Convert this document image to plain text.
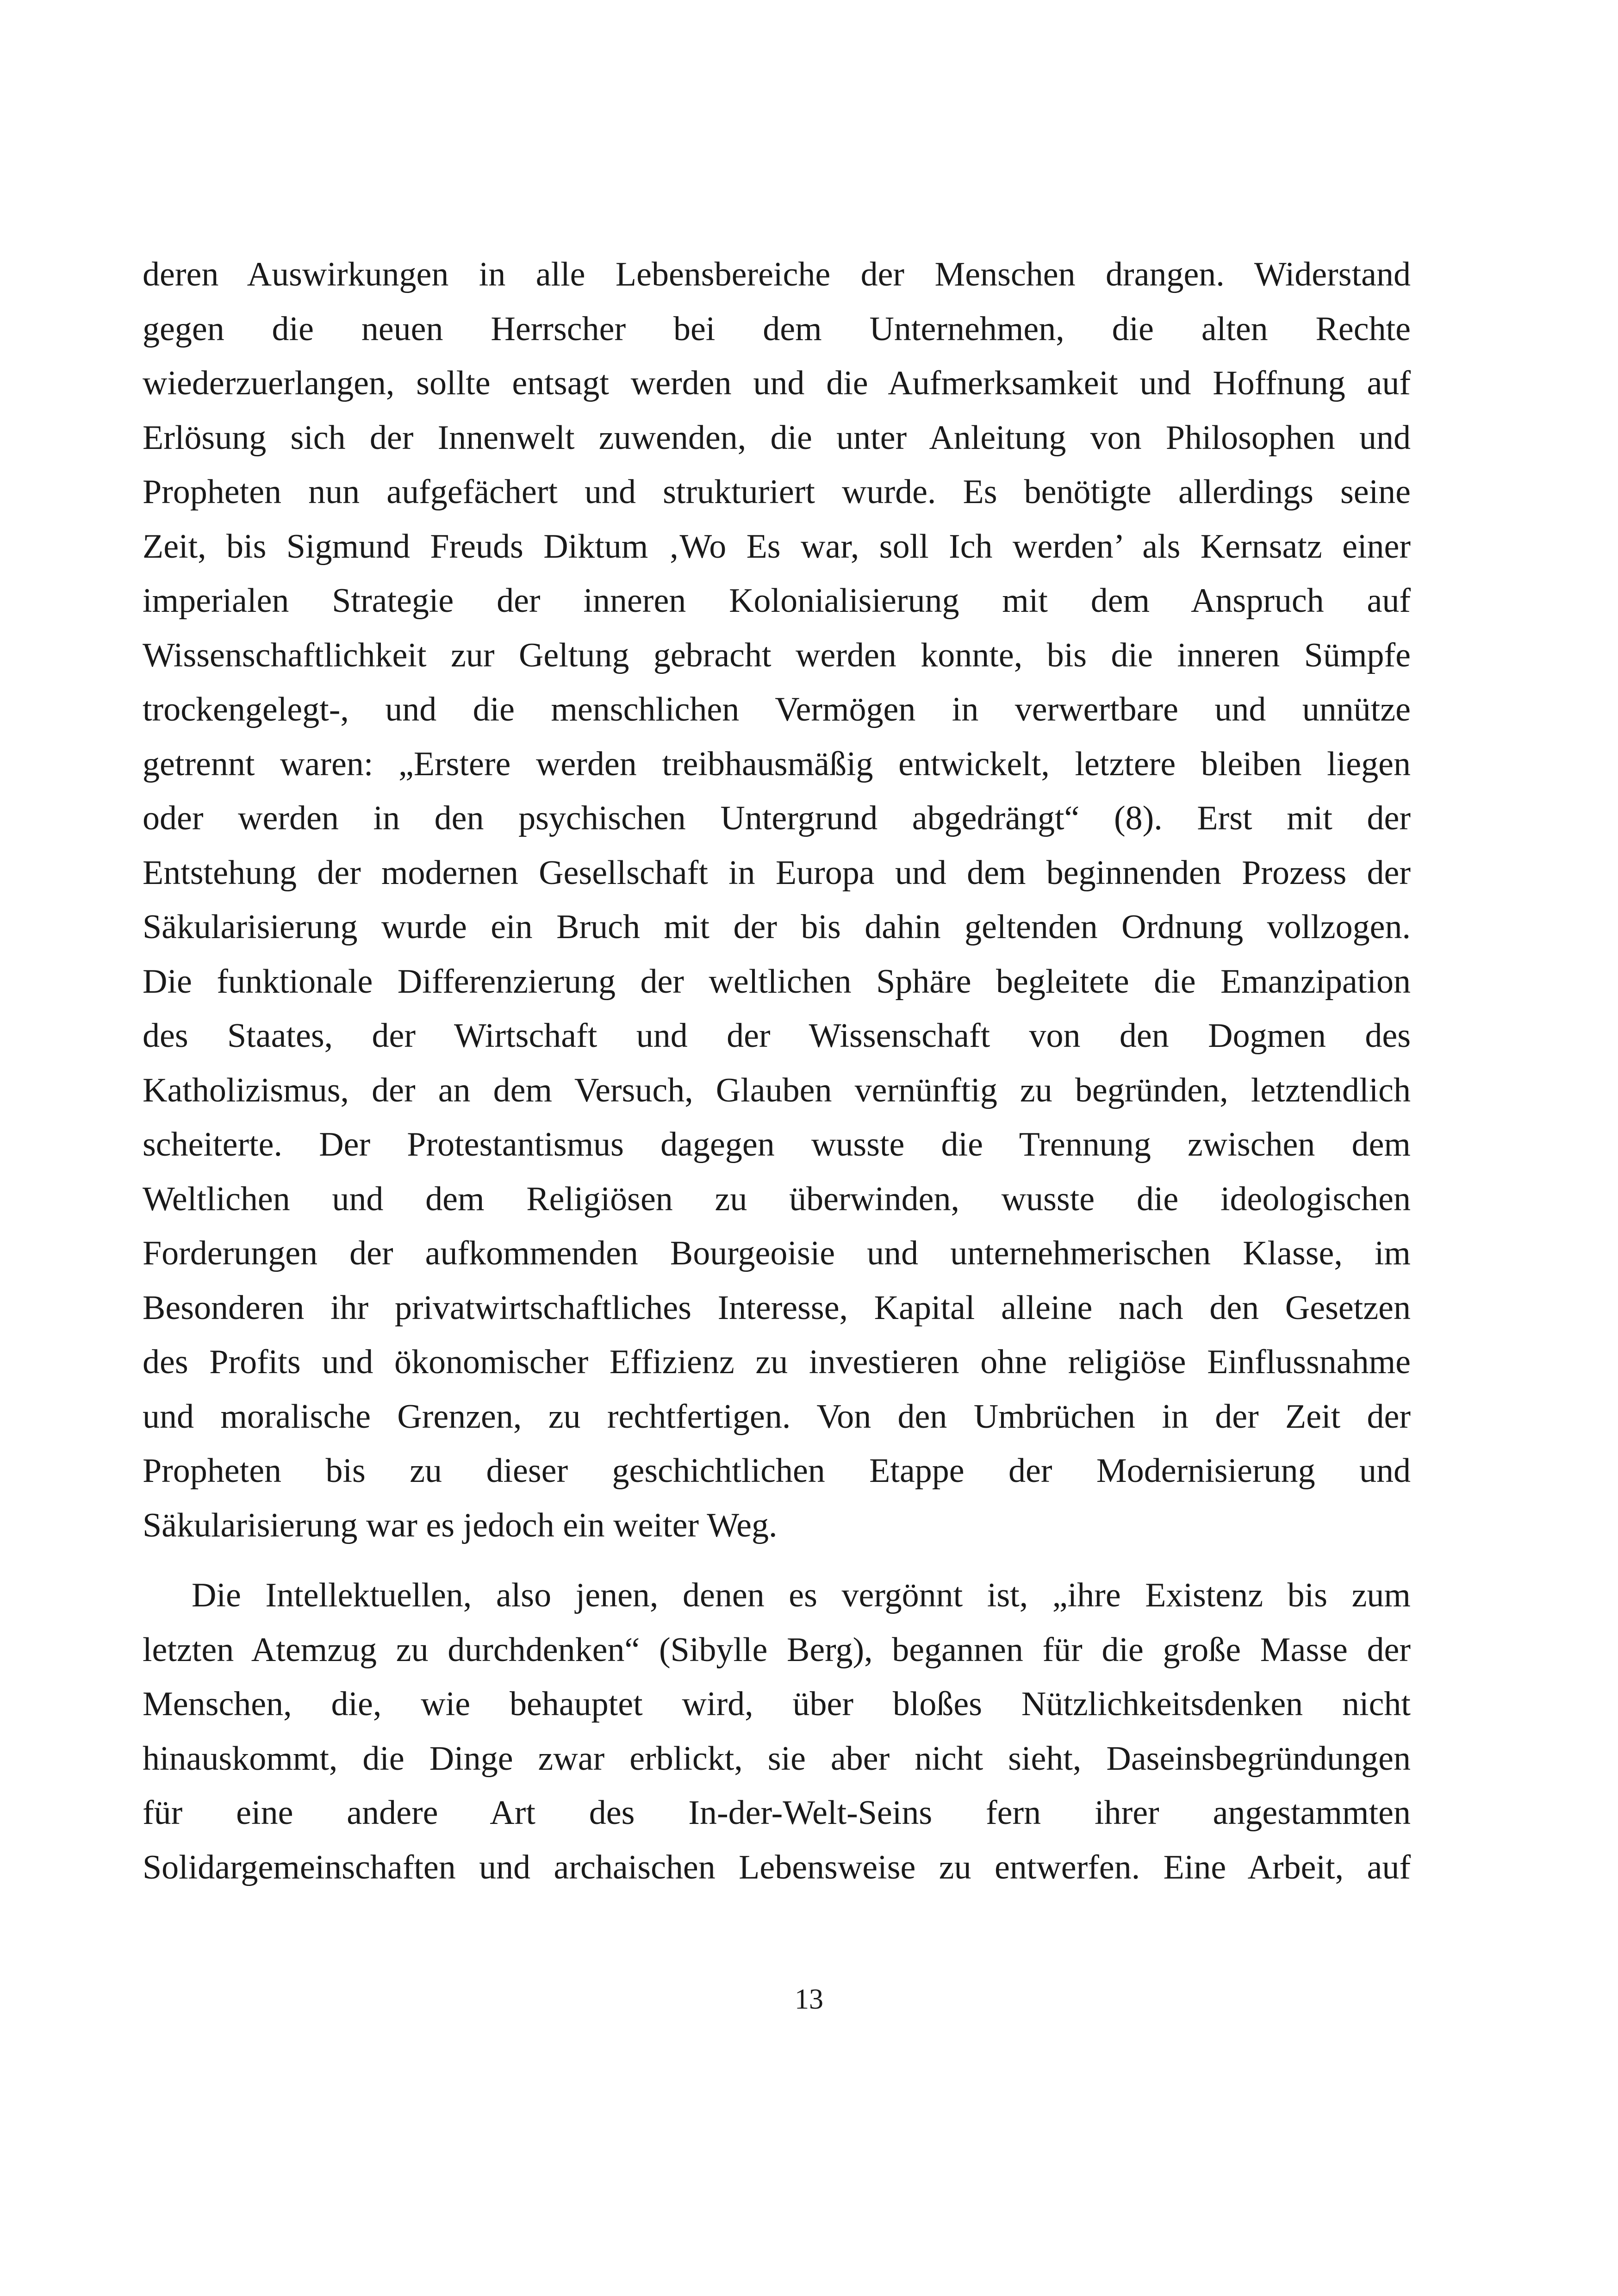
deren Auswirkungen in alle Lebensbereiche der Menschen drangen. Widerstand
gegen die neuen Herrscher bei dem Unternehmen, die alten Rechte
wiederzuerlangen, sollte entsagt werden und die Aufmerksamkeit und Hoffnung auf
Erlösung sich der Innenwelt zuwenden, die unter Anleitung von Philosophen und
Propheten nun aufgefächert und strukturiert wurde. Es benötigte allerdings seine
Zeit, bis Sigmund Freuds Diktum ‚Wo Es war, soll Ich werden’ als Kernsatz einer
imperialen Strategie der inneren Kolonialisierung mit dem Anspruch auf
Wissenschaftlichkeit zur Geltung gebracht werden konnte, bis die inneren Sümpfe
trockengelegt-, und die menschlichen Vermögen in verwertbare und unnütze
getrennt waren: „Erstere werden treibhausmäßig entwickelt, letztere bleiben liegen
oder werden in den psychischen Untergrund abgedrängt“ (8). Erst mit der
Entstehung der modernen Gesellschaft in Europa und dem beginnenden Prozess der
Säkularisierung wurde ein Bruch mit der bis dahin geltenden Ordnung vollzogen.
Die funktionale Differenzierung der weltlichen Sphäre begleitete die Emanzipation
des Staates, der Wirtschaft und der Wissenschaft von den Dogmen des
Katholizismus, der an dem Versuch, Glauben vernünftig zu begründen, letztendlich
scheiterte. Der Protestantismus dagegen wusste die Trennung zwischen dem
Weltlichen und dem Religiösen zu überwinden, wusste die ideologischen
Forderungen der aufkommenden Bourgeoisie und unternehmerischen Klasse, im
Besonderen ihr privatwirtschaftliches Interesse, Kapital alleine nach den Gesetzen
des Profits und ökonomischer Effizienz zu investieren ohne religiöse Einflussnahme
und moralische Grenzen, zu rechtfertigen. Von den Umbrüchen in der Zeit der
Propheten bis zu dieser geschichtlichen Etappe der Modernisierung und
Säkularisierung war es jedoch ein weiter Weg.
Die Intellektuellen, also jenen, denen es vergönnt ist, „ihre Existenz bis zum
letzten Atemzug zu durchdenken“ (Sibylle Berg), begannen für die große Masse der
Menschen, die, wie behauptet wird, über bloßes Nützlichkeitsdenken nicht
hinauskommt, die Dinge zwar erblickt, sie aber nicht sieht, Daseinsbegründungen
für eine andere Art des In-der-Welt-Seins fern ihrer angestammten
Solidargemeinschaften und archaischen Lebensweise zu entwerfen. Eine Arbeit, auf
13
